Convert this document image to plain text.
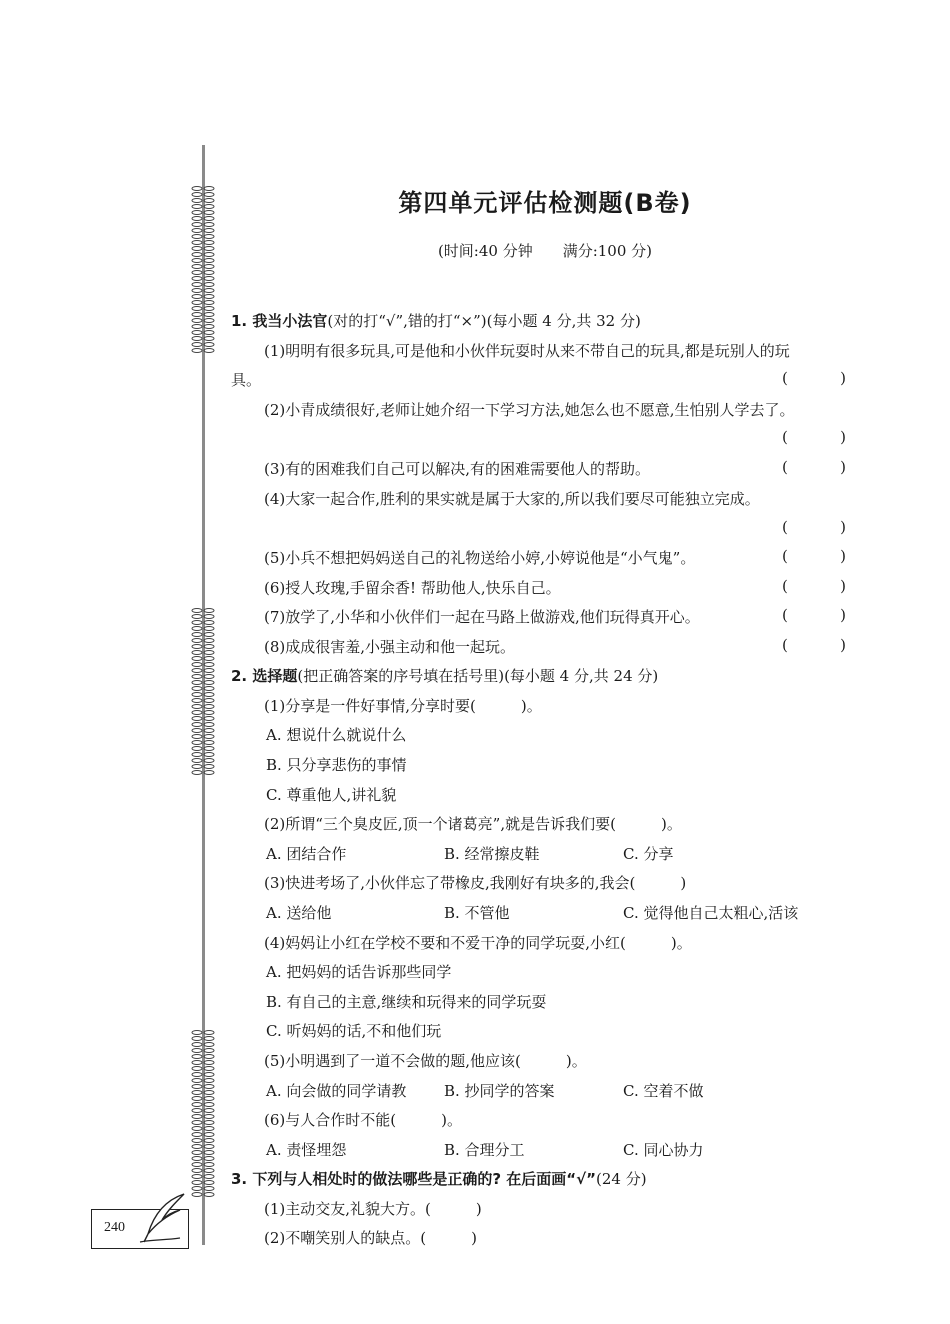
第四单元评估检测题(B卷)
(时间:40 分钟　　满分:100 分)
1. 我当小法官(对的打“√”,错的打“×”)(每小题 4 分,共 32 分)
(1)明明有很多玩具,可是他和小伙伴玩耍时从来不带自己的玩具,都是玩别人的玩
具。	(	)
(2)小青成绩很好,老师让她介绍一下学习方法,她怎么也不愿意,生怕别人学去了。
(	)
(3)有的困难我们自己可以解决,有的困难需要他人的帮助。	(	)
(4)大家一起合作,胜利的果实就是属于大家的,所以我们要尽可能独立完成。
(	)
(5)小兵不想把妈妈送自己的礼物送给小婷,小婷说他是“小气鬼”。	(	)
(6)授人玫瑰,手留余香! 帮助他人,快乐自己。	(	)
(7)放学了,小华和小伙伴们一起在马路上做游戏,他们玩得真开心。	(	)
(8)成成很害羞,小强主动和他一起玩。	(	)
2. 选择题(把正确答案的序号填在括号里)(每小题 4 分,共 24 分)
(1)分享是一件好事情,分享时要(　　　)。
A. 想说什么就说什么
B. 只分享悲伤的事情
C. 尊重他人,讲礼貌
(2)所谓“三个臭皮匠,顶一个诸葛亮”,就是告诉我们要(　　　)。
A. 团结合作	B. 经常擦皮鞋	C. 分享
(3)快进考场了,小伙伴忘了带橡皮,我刚好有块多的,我会(　　　)
A. 送给他	B. 不管他	C. 觉得他自己太粗心,活该
(4)妈妈让小红在学校不要和不爱干净的同学玩耍,小红(　　　)。
A. 把妈妈的话告诉那些同学
B. 有自己的主意,继续和玩得来的同学玩耍
C. 听妈妈的话,不和他们玩
(5)小明遇到了一道不会做的题,他应该(　　　)。
A. 向会做的同学请教	B. 抄同学的答案	C. 空着不做
(6)与人合作时不能(　　　)。
A. 责怪埋怨	B. 合理分工	C. 同心协力
3. 下列与人相处时的做法哪些是正确的? 在后面画“√”(24 分)
(1)主动交友,礼貌大方。(　　　)
(2)不嘲笑别人的缺点。(　　　)
240
